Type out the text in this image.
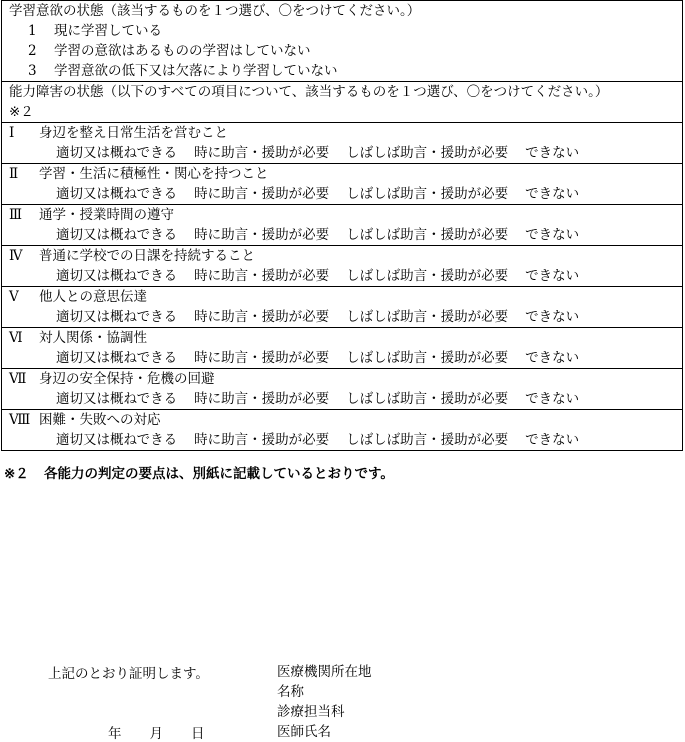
学習意欲の状態（該当するものを１つ選び、〇をつけてください。）
1 現に学習している
2 学習の意欲はあるものの学習はしていない
3 学習意欲の低下又は欠落により学習していない
能力障害の状態（以下のすべての項目について、該当するものを１つ選び、〇をつけてください。）
※２
Ⅰ 身辺を整え日常生活を営むこと
適切又は概ねできる 時に助言・援助が必要 しばしば助言・援助が必要 できない
Ⅱ 学習・生活に積極性・関心を持つこと
適切又は概ねできる 時に助言・援助が必要 しばしば助言・援助が必要 できない
Ⅲ 通学・授業時間の遵守
適切又は概ねできる 時に助言・援助が必要 しばしば助言・援助が必要 できない
Ⅳ 普通に学校での日課を持続すること
適切又は概ねできる 時に助言・援助が必要 しばしば助言・援助が必要 できない
Ⅴ 他人との意思伝達
適切又は概ねできる 時に助言・援助が必要 しばしば助言・援助が必要 できない
Ⅵ 対人関係・協調性
適切又は概ねできる 時に助言・援助が必要 しばしば助言・援助が必要 できない
Ⅶ 身辺の安全保持・危機の回避
適切又は概ねできる 時に助言・援助が必要 しばしば助言・援助が必要 できない
Ⅷ 困難・失敗への対応
適切又は概ねできる 時に助言・援助が必要 しばしば助言・援助が必要 できない
※２ 各能力の判定の要点は、別紙に記載しているとおりです。
上記のとおり証明します。
年 月 日
医療機関所在地
名称
診療担当科
医師氏名
